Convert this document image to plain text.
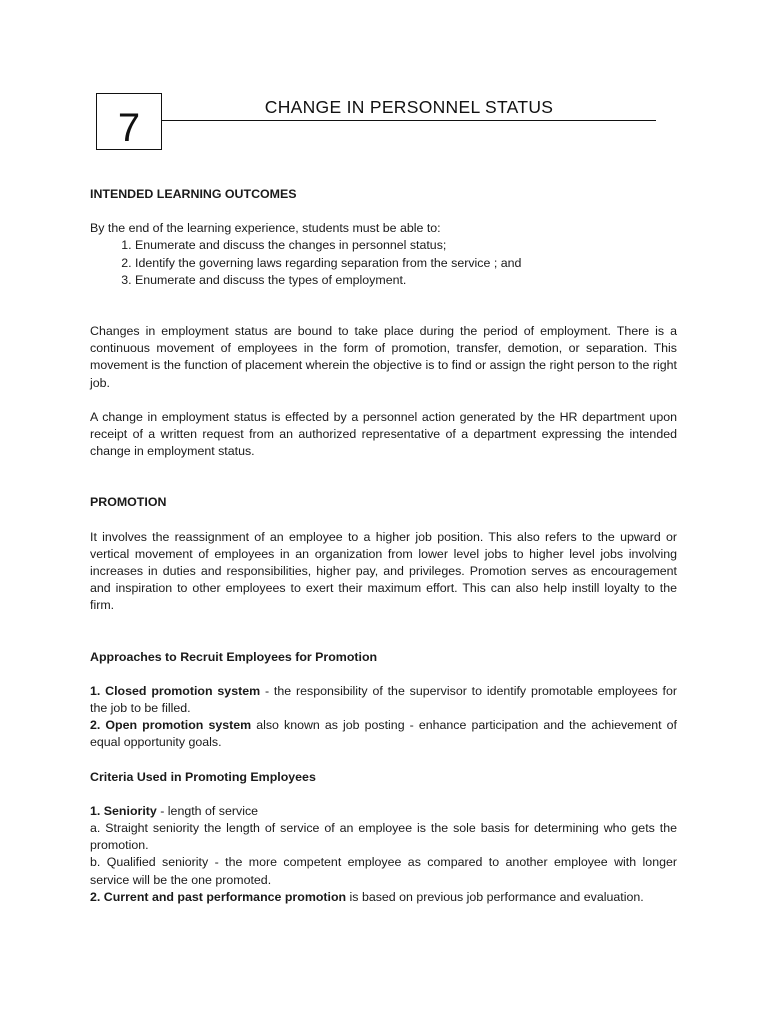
7	CHANGE IN PERSONNEL STATUS
INTENDED LEARNING OUTCOMES

By the end of the learning experience, students must be able to:

1. Enumerate and discuss the changes in personnel status;
2. Identify the governing laws regarding separation from the service ; and
3. Enumerate and discuss the types of employment.

Changes in employment status are bound to take place during the period of employment. There is a continuous movement of employees in the form of promotion, transfer, demotion, or separation. This movement is the function of placement wherein the objective is to find or assign the right person to the right job.

A change in employment status is effected by a personnel action generated by the HR department upon receipt of a written request from an authorized representative of a department expressing the intended change in employment status.

PROMOTION

It involves the reassignment of an employee to a higher job position. This also refers to the upward or vertical movement of employees in an organization from lower level jobs to higher level jobs involving increases in duties and responsibilities, higher pay, and privileges. Promotion serves as encouragement and inspiration to other employees to exert their maximum effort. This can also help instill loyalty to the firm.

Approaches to Recruit Employees for Promotion

1. Closed promotion system - the responsibility of the supervisor to identify promotable employees for the job to be filled.

2. Open promotion system also known as job posting - enhance participation and the achievement of equal opportunity goals.

Criteria Used in Promoting Employees

1. Seniority - length of service

a. Straight seniority the length of service of an employee is the sole basis for determining who gets the promotion.

b. Qualified seniority - the more competent employee as compared to another employee with longer service will be the one promoted.

2. Current and past performance promotion is based on previous job performance and evaluation.
